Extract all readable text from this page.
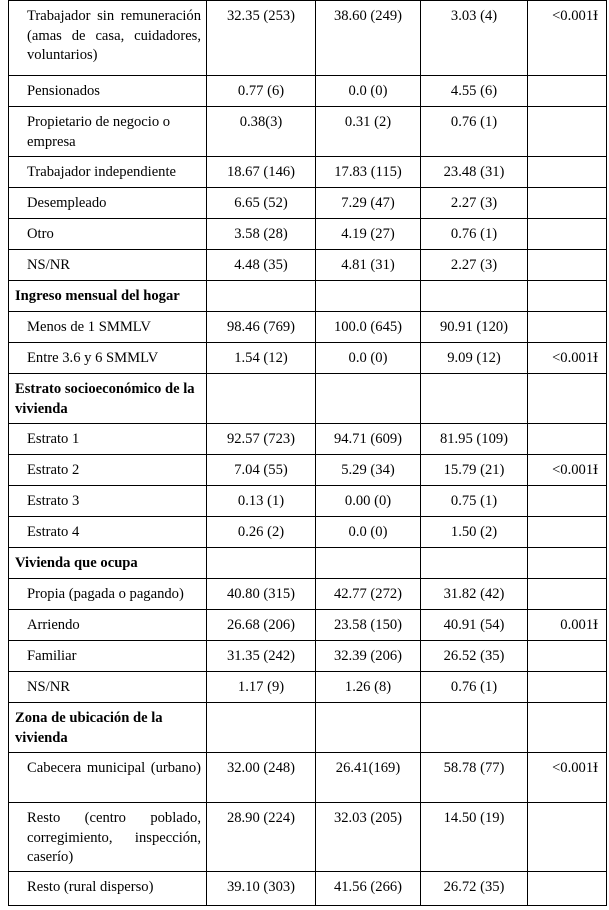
Trabajador sin remuneración (amas de casa, cuidadores, voluntarios)	32.35 (253)	38.60 (249)	3.03 (4)	<0.001Ɨ
Pensionados	0.77 (6)	0.0 (0)	4.55 (6)	
Propietario de negocio o empresa	0.38(3)	0.31 (2)	0.76 (1)	
Trabajador independiente	18.67 (146)	17.83 (115)	23.48 (31)	
Desempleado	6.65 (52)	7.29 (47)	2.27 (3)	
Otro	3.58 (28)	4.19 (27)	0.76 (1)	
NS/NR	4.48 (35)	4.81 (31)	2.27 (3)	
Ingreso mensual del hogar				
Menos de 1 SMMLV	98.46 (769)	100.0 (645)	90.91 (120)	
Entre 3.6 y 6 SMMLV	1.54 (12)	0.0 (0)	9.09 (12)	<0.001Ɨ
Estrato socioeconómico de la vivienda				
Estrato 1	92.57 (723)	94.71 (609)	81.95 (109)	
Estrato 2	7.04 (55)	5.29 (34)	15.79 (21)	<0.001Ɨ
Estrato 3	0.13 (1)	0.00 (0)	0.75 (1)	
Estrato 4	0.26 (2)	0.0 (0)	1.50 (2)	
Vivienda que ocupa				
Propia (pagada o pagando)	40.80 (315)	42.77 (272)	31.82 (42)	
Arriendo	26.68 (206)	23.58 (150)	40.91 (54)	0.001Ɨ
Familiar	31.35 (242)	32.39 (206)	26.52 (35)	
NS/NR	1.17 (9)	1.26 (8)	0.76 (1)	
Zona de ubicación de la vivienda				
Cabecera municipal (urbano)	32.00 (248)	26.41(169)	58.78 (77)	<0.001Ɨ
Resto (centro poblado, corregimiento, inspección, caserío)	28.90 (224)	32.03 (205)	14.50 (19)	
Resto (rural disperso)	39.10 (303)	41.56 (266)	26.72 (35)	
